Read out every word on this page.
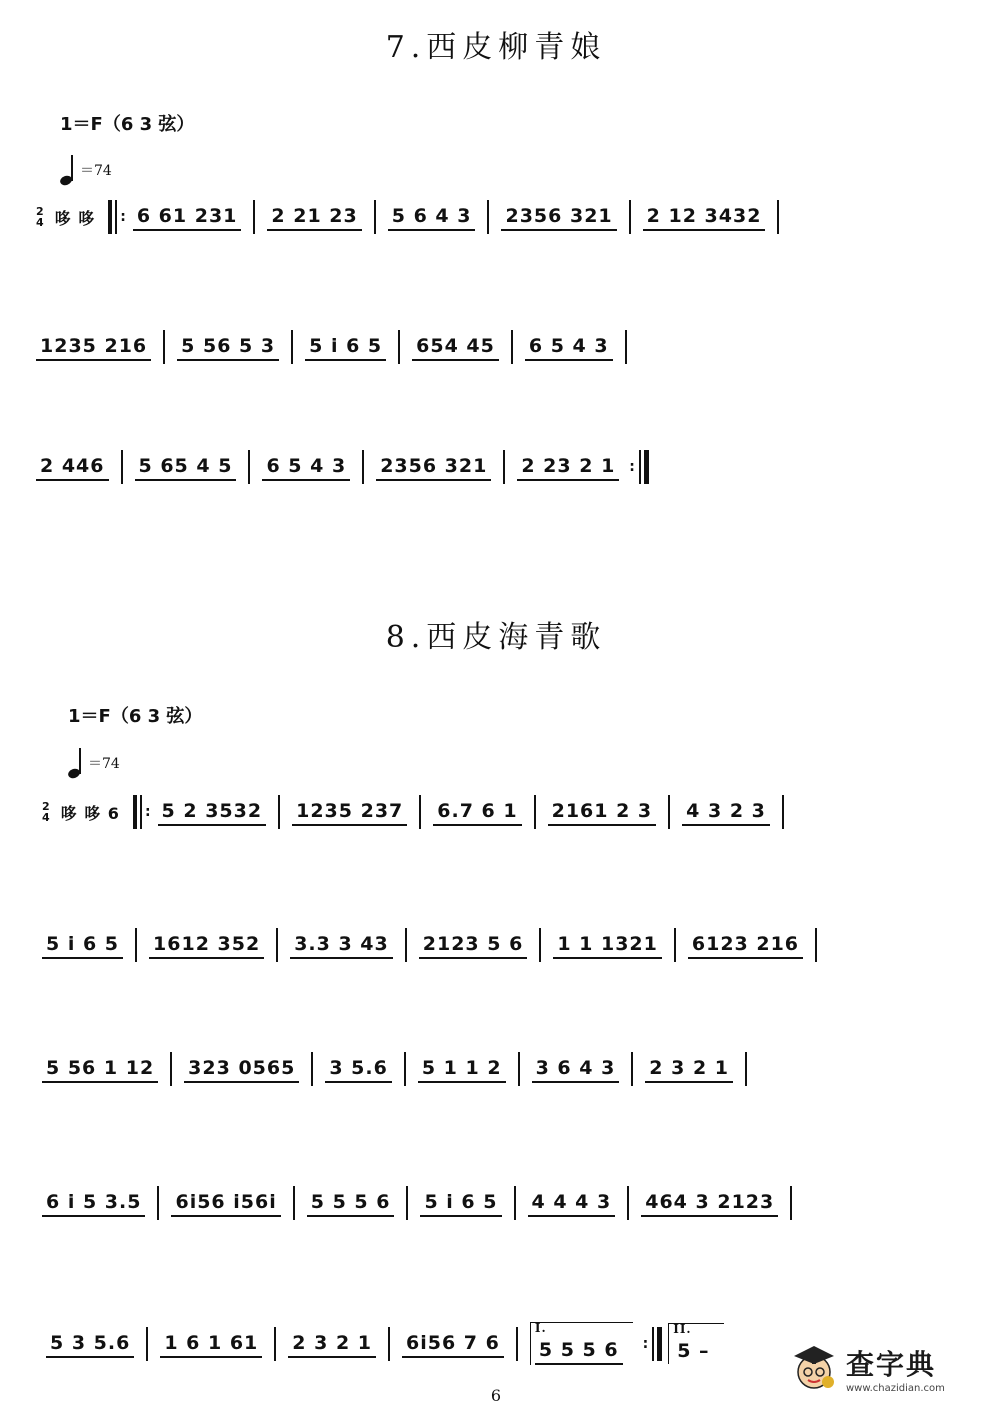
7.西皮柳青娘
1＝F（6 3 弦）
＝74
2
4 哆 哆 : 6 61 231 2 21 23 5 6 4 3 2356 321 2 12 3432
1235 216 5 56 5 3 5 i 6 5 654 45 6 5 4 3
2 446 5 65 4 5 6 5 4 3 2356 321 2 23 2 1 :
8.西皮海青歌
1＝F（6 3 弦）
＝74
2
4 哆 哆 6 : 5 2 3532 1235 237 6.7 6 1 2161 2 3 4 3 2 3
5 i 6 5 1612 352 3.3 3 43 2123 5 6 1 1 1321 6123 216
5 56 1 12 323 0565 3 5.6 5 1 1 2 3 6 4 3 2 3 2 1
6 i 5 3.5 6i56 i56i 5 5 5 6 5 i 6 5 4 4 4 3 464 3 2123
5 3 5.6 1 6 1 61 2 3 2 1 6i56 7 6
I.
5 5 5 6	:
II.
5 –
6
查字典
www.chazidian.com
